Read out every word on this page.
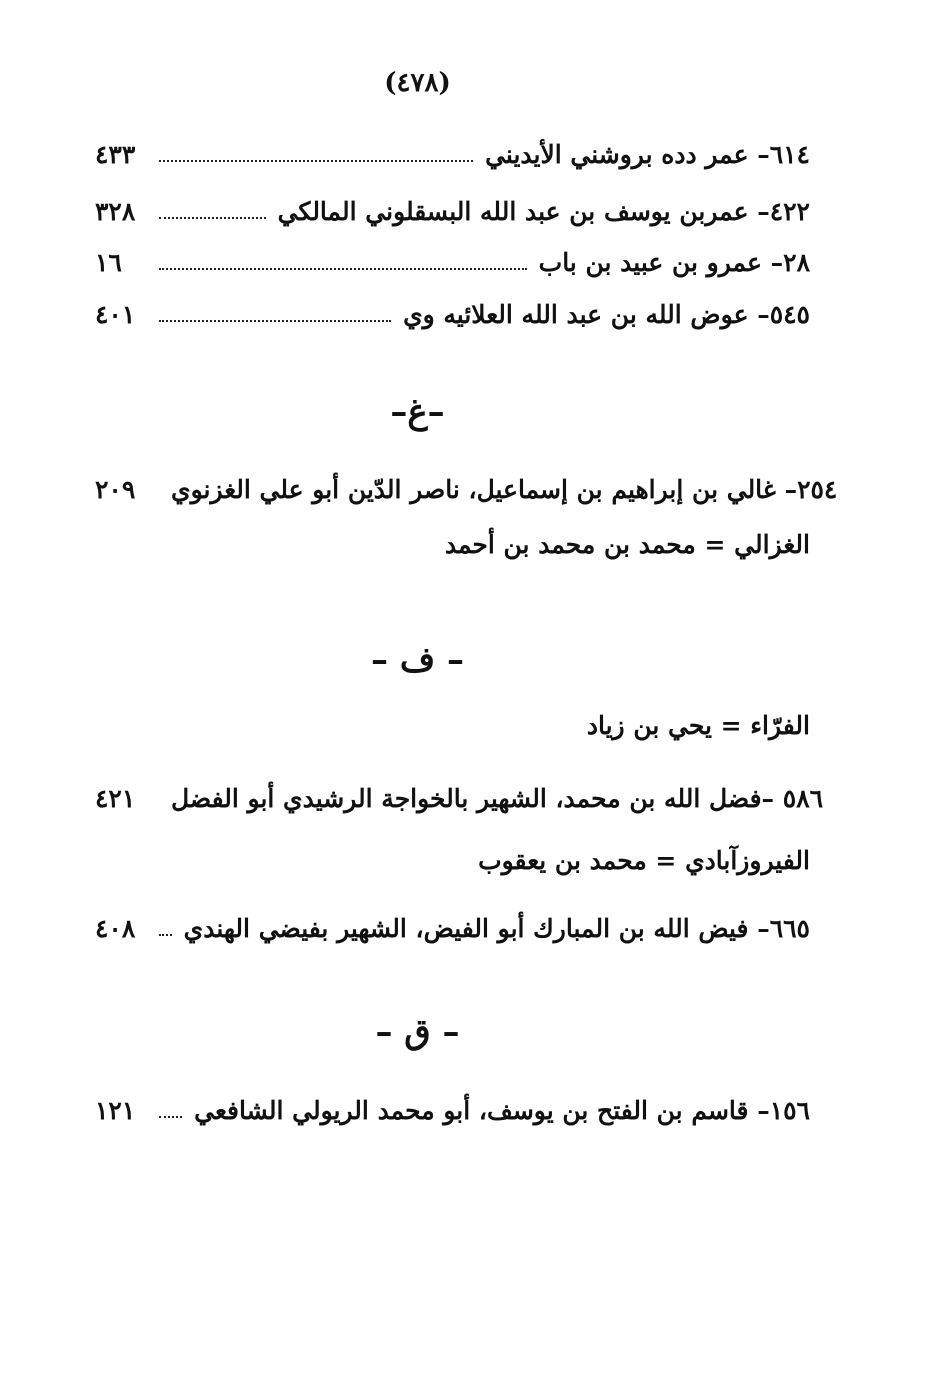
(٤٧٨)
٤٣٣	٦١٤– عمر دده بروشني الأيديني
٣٢٨	٤٢٢– عمربن يوسف بن عبد الله البسقلوني المالكي
١٦	٢٨– عمرو بن عبيد بن باب
٤٠١	٥٤٥– عوض الله بن عبد الله العلائيه وي
–غ–
٢٠٩	٢٥٤– غالي بن إبراهيم بن إسماعيل، ناصر الدّين أبو علي الغزنوي
الغزالي = محمد بن محمد بن أحمد
– ف –
الفرّاء = يحي بن زياد
٤٢١	٥٨٦ –فضل الله بن محمد، الشهير بالخواجة الرشيدي أبو الفضل
الفيروزآبادي = محمد بن يعقوب
٤٠٨	٦٦٥– فيض الله بن المبارك أبو الفيض، الشهير بفيضي الهندي
– ق –
١٢١	١٥٦– قاسم بن الفتح بن يوسف، أبو محمد الريولي الشافعي
